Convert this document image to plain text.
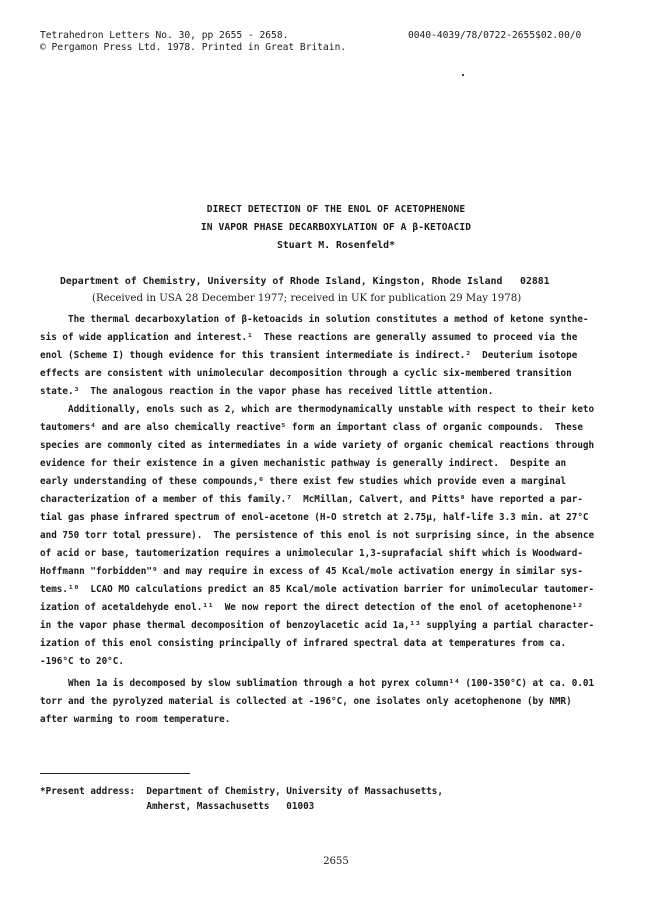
Tetrahedron Letters No. 30, pp 2655 - 2658.
© Pergamon Press Ltd. 1978. Printed in Great Britain.
0040-4039/78/0722-2655$02.00/0
DIRECT DETECTION OF THE ENOL OF ACETOPHENONE
IN VAPOR PHASE DECARBOXYLATION OF A β-KETOACID
Stuart M. Rosenfeld*
Department of Chemistry, University of Rhode Island, Kingston, Rhode Island   02881
(Received in USA 28 December 1977; received in UK for publication 29 May 1978)
The thermal decarboxylation of β-ketoacids in solution constitutes a method of ketone synthe-
sis of wide application and interest.¹  These reactions are generally assumed to proceed via the
enol (Scheme I) though evidence for this transient intermediate is indirect.²  Deuterium isotope
effects are consistent with unimolecular decomposition through a cyclic six-membered transition
state.³  The analogous reaction in the vapor phase has received little attention.
Additionally, enols such as 2, which are thermodynamically unstable with respect to their keto
tautomers⁴ and are also chemically reactive⁵ form an important class of organic compounds.  These
species are commonly cited as intermediates in a wide variety of organic chemical reactions through
evidence for their existence in a given mechanistic pathway is generally indirect.  Despite an
early understanding of these compounds,⁶ there exist few studies which provide even a marginal
characterization of a member of this family.⁷  McMillan, Calvert, and Pitts⁸ have reported a par-
tial gas phase infrared spectrum of enol-acetone (H-O stretch at 2.75μ, half-life 3.3 min. at 27°C
and 750 torr total pressure).  The persistence of this enol is not surprising since, in the absence
of acid or base, tautomerization requires a unimolecular 1,3-suprafacial shift which is Woodward-
Hoffmann "forbidden"⁹ and may require in excess of 45 Kcal/mole activation energy in similar sys-
tems.¹⁰  LCAO MO calculations predict an 85 Kcal/mole activation barrier for unimolecular tautomer-
ization of acetaldehyde enol.¹¹  We now report the direct detection of the enol of acetophenone¹²
in the vapor phase thermal decomposition of benzoylacetic acid 1a,¹³ supplying a partial character-
ization of this enol consisting principally of infrared spectral data at temperatures from ca.
-196°C to 20°C.
When 1a is decomposed by slow sublimation through a hot pyrex column¹⁴ (100-350°C) at ca. 0.01
torr and the pyrolyzed material is collected at -196°C, one isolates only acetophenone (by NMR)
after warming to room temperature.
*Present address:  Department of Chemistry, University of Massachusetts,
Amherst, Massachusetts   01003
2655
